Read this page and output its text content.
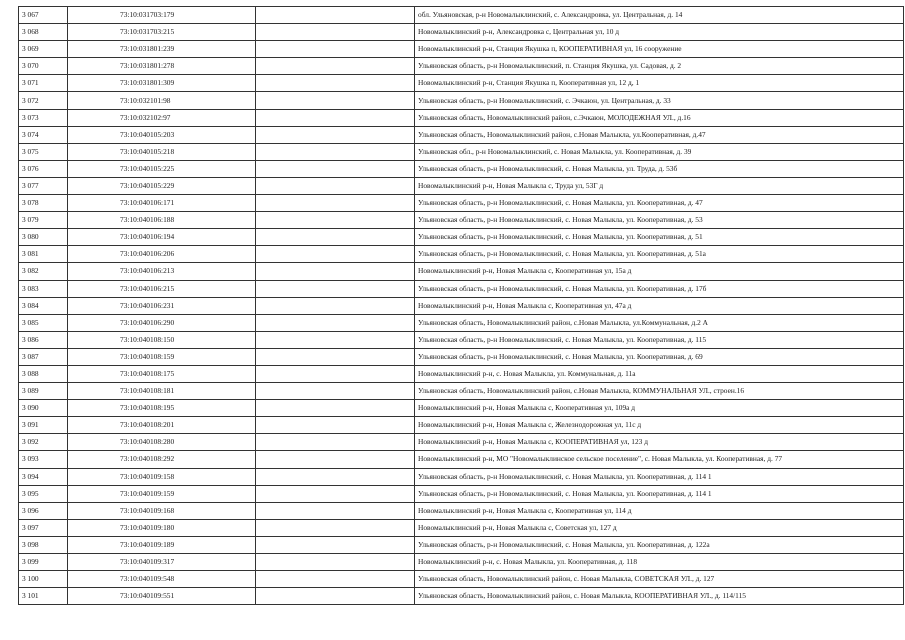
3 067	73:10:031703:179		обл. Ульяновская, р-н Новомалыклинский, с. Александровка, ул. Центральная, д. 14
3 068	73:10:031703:215		Новомалыклинский р-н, Александровка с, Центральная ул, 10 д
3 069	73:10:031801:239		Новомалыклинский р-н, Станция Якушка п, КООПЕРАТИВНАЯ ул, 16 сооружение
3 070	73:10:031801:278		Ульяновская область, р-н Новомалыклинский, п. Станция Якушка, ул. Садовая, д. 2
3 071	73:10:031801:309		Новомалыклинский р-н, Станция Якушка п, Кооперативная ул, 12 д, 1
3 072	73:10:032101:98		Ульяновская область, р-н Новомалыклинский, с. Эчкаюн, ул. Центральная, д. 33
3 073	73:10:032102:97		Ульяновская область, Новомалыклинский район, с.Эчкаюн, МОЛОДЕЖНАЯ УЛ., д.16
3 074	73:10:040105:203		Ульяновская область, Новомалыклинский район, с.Новая Малыкла, ул.Кооперативная, д.47
3 075	73:10:040105:218		Ульяновская обл., р-н Новомалыклинский, с. Новая Малыкла, ул. Кооперативная, д. 39
3 076	73:10:040105:225		Ульяновская область, р-н Новомалыклинский, с. Новая Малыкла, ул. Труда, д. 53б
3 077	73:10:040105:229		Новомалыклинский р-н, Новая Малыкла с, Труда ул, 53Г д
3 078	73:10:040106:171		Ульяновская область, р-н Новомалыклинский, с. Новая Малыкла, ул. Кооперативная, д. 47
3 079	73:10:040106:188		Ульяновская область, р-н Новомалыклинский, с. Новая Малыкла, ул. Кооперативная, д. 53
3 080	73:10:040106:194		Ульяновская область, р-н Новомалыклинский, с. Новая Малыкла, ул. Кооперативная, д. 51
3 081	73:10:040106:206		Ульяновская область, р-н Новомалыклинский, с. Новая Малыкла, ул. Кооперативная, д. 51а
3 082	73:10:040106:213		Новомалыклинский р-н, Новая Малыкла с, Кооперативная ул, 15а д
3 083	73:10:040106:215		Ульяновская область, р-н Новомалыклинский, с. Новая Малыкла, ул. Кооперативная, д. 17б
3 084	73:10:040106:231		Новомалыклинский р-н, Новая Малыкла с, Кооперативная ул, 47а д
3 085	73:10:040106:290		Ульяновская область, Новомалыклинский район, с.Новая Малыкла, ул.Коммунальная, д.2 А
3 086	73:10:040108:150		Ульяновская область, р-н Новомалыклинский, с. Новая Малыкла, ул. Кооперативная, д. 115
3 087	73:10:040108:159		Ульяновская область, р-н Новомалыклинский, с. Новая Малыкла, ул. Кооперативная, д. 69
3 088	73:10:040108:175		Новомалыклинский р-н, с. Новая Малыкла, ул. Коммунальная, д. 11а
3 089	73:10:040108:181		Ульяновская область, Новомалыклинский район, с.Новая Малыкла, КОММУНАЛЬНАЯ УЛ., строен.16
3 090	73:10:040108:195		Новомалыклинский р-н, Новая Малыкла с, Кооперативная ул, 109а д
3 091	73:10:040108:201		Новомалыклинский р-н, Новая Малыкла с, Железнодорожная ул, 11с д
3 092	73:10:040108:280		Новомалыклинский р-н, Новая Малыкла с, КООПЕРАТИВНАЯ ул, 123 д
3 093	73:10:040108:292		Новомалыклинский р-н, МО "Новомалыклинское сельское поселение", с. Новая Малыкла, ул. Кооперативная, д. 77
3 094	73:10:040109:158		Ульяновская область, р-н Новомалыклинский, с. Новая Малыкла, ул. Кооперативная, д. 114 1
3 095	73:10:040109:159		Ульяновская область, р-н Новомалыклинский, с. Новая Малыкла, ул. Кооперативная, д. 114 1
3 096	73:10:040109:168		Новомалыклинский р-н, Новая Малыкла с, Кооперативная ул, 114 д
3 097	73:10:040109:180		Новомалыклинский р-н, Новая Малыкла с, Советская ул, 127 д
3 098	73:10:040109:189		Ульяновская область, р-н Новомалыклинский, с. Новая Малыкла, ул. Кооперативная, д. 122а
3 099	73:10:040109:317		Новомалыклинский р-н, с. Новая Малыкла, ул. Кооперативная, д. 118
3 100	73:10:040109:548		Ульяновская область, Новомалыклинский район, с. Новая Малыкла, СОВЕТСКАЯ УЛ., д. 127
3 101	73:10:040109:551		Ульяновская область, Новомалыклинский район, с. Новая Малыкла, КООПЕРАТИВНАЯ УЛ., д. 114/115
